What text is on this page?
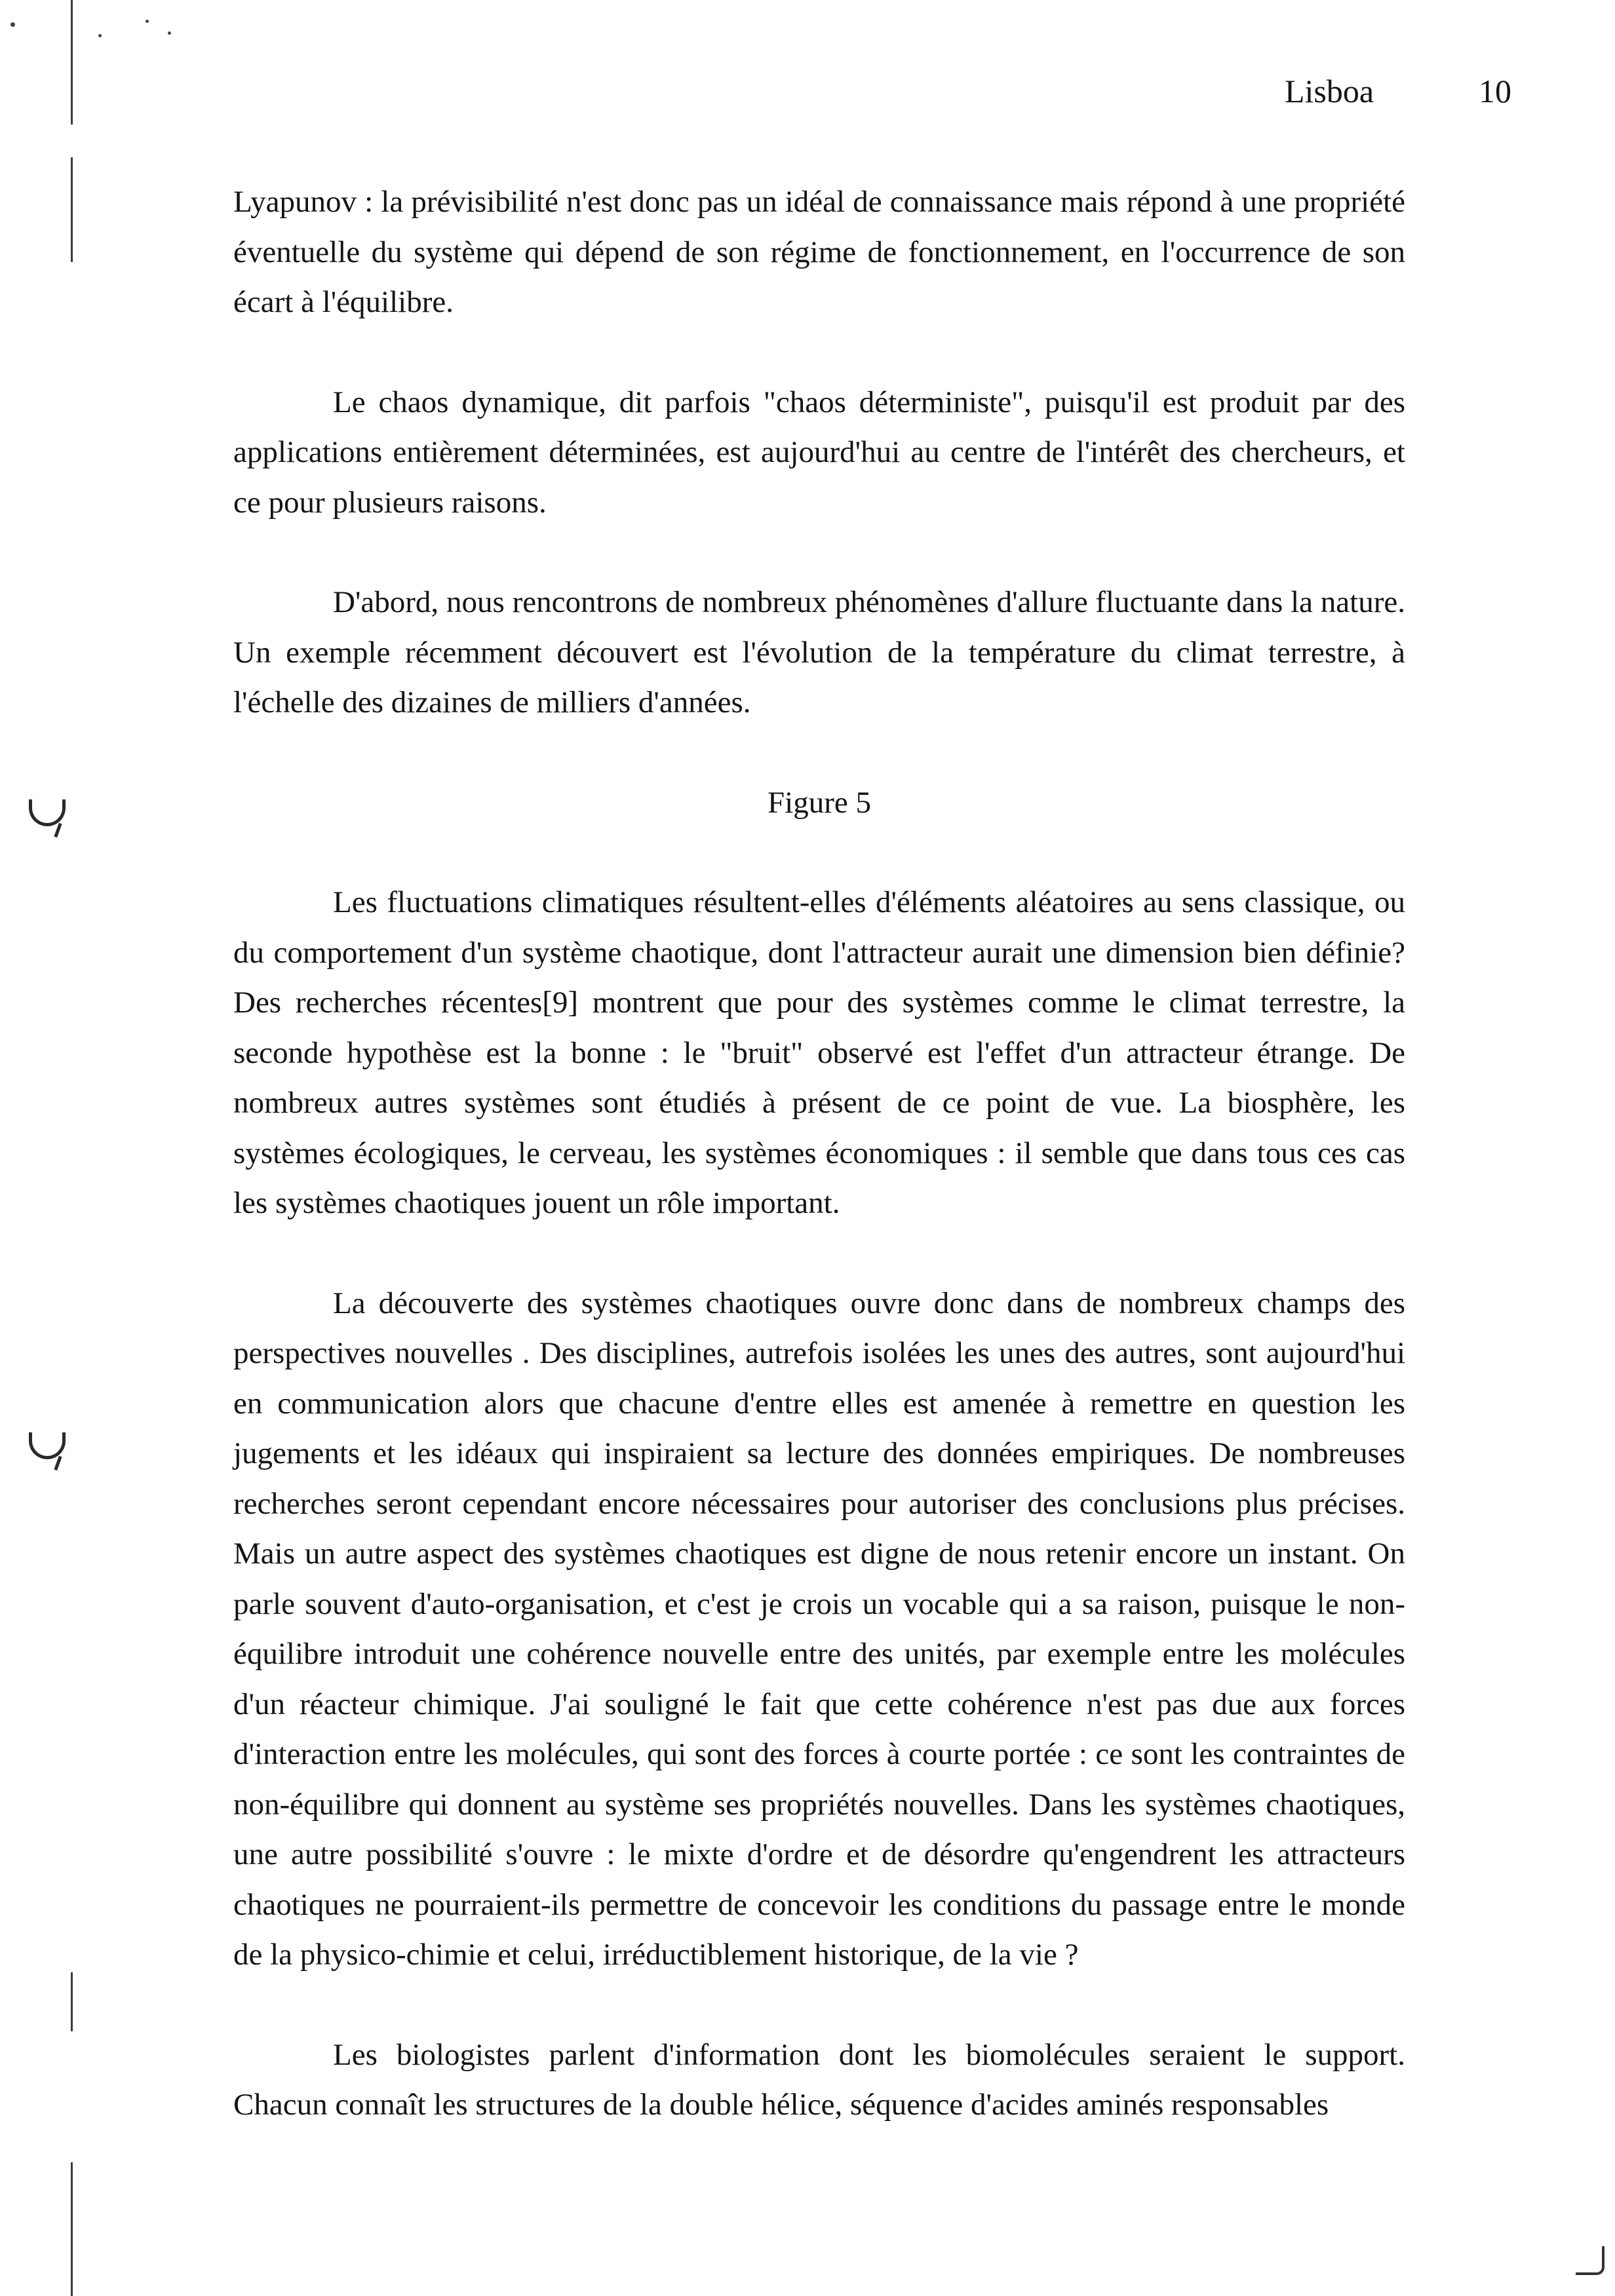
Lisboa	10

Lyapunov : la prévisibilité n'est donc pas un idéal de connaissance mais répond à une propriété éventuelle du système qui dépend de son régime de fonctionnement, en l'occurrence de son écart à l'équilibre.

Le chaos dynamique, dit parfois "chaos déterministe", puisqu'il est produit par des applications entièrement déterminées, est aujourd'hui au centre de l'intérêt des chercheurs, et ce pour plusieurs raisons.

D'abord, nous rencontrons de nombreux phénomènes d'allure fluctuante dans la nature. Un exemple récemment découvert est l'évolution de la température du climat terrestre, à l'échelle des dizaines de milliers d'années.

Figure 5

Les fluctuations climatiques résultent-elles d'éléments aléatoires au sens classique, ou du comportement d'un système chaotique, dont l'attracteur aurait une dimension bien définie? Des recherches récentes[9] montrent que pour des systèmes comme le climat terrestre, la seconde hypothèse est la bonne : le "bruit" observé est l'effet d'un attracteur étrange. De nombreux autres systèmes sont étudiés à présent de ce point de vue. La biosphère, les systèmes écologiques, le cerveau, les systèmes économiques : il semble que dans tous ces cas les systèmes chaotiques jouent un rôle important.

La découverte des systèmes chaotiques ouvre donc dans de nombreux champs des perspectives nouvelles . Des disciplines, autrefois isolées les unes des autres, sont aujourd'hui en communication alors que chacune d'entre elles est amenée à remettre en question les jugements et les idéaux qui inspiraient sa lecture des données empiriques. De nombreuses recherches seront cependant encore nécessaires pour autoriser des conclusions plus précises. Mais un autre aspect des systèmes chaotiques est digne de nous retenir encore un instant. On parle souvent d'auto-organisation, et c'est je crois un vocable qui a sa raison, puisque le non-équilibre introduit une cohérence nouvelle entre des unités, par exemple entre les molécules d'un réacteur chimique. J'ai souligné le fait que cette cohérence n'est pas due aux forces d'interaction entre les molécules, qui sont des forces à courte portée : ce sont les contraintes de non-équilibre qui donnent au système ses propriétés nouvelles. Dans les systèmes chaotiques, une autre possibilité s'ouvre : le mixte d'ordre et de désordre qu'engendrent les attracteurs chaotiques ne pourraient-ils permettre de concevoir les conditions du passage entre le monde de la physico-chimie et celui, irréductiblement historique, de la vie ?

Les biologistes parlent d'information dont les biomolécules seraient le support. Chacun connaît les structures de la double hélice, séquence d'acides aminés responsables
